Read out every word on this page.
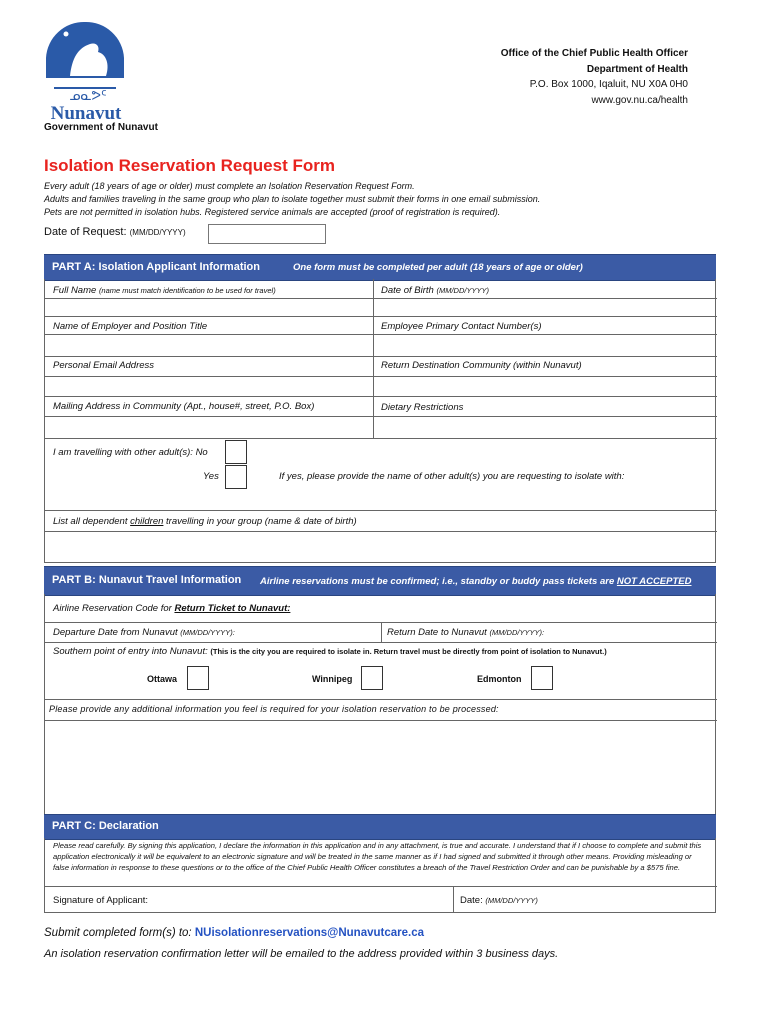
ᓄᓇᕗᑦ
Nunavut
Government of Nunavut
Office of the Chief Public Health Officer
Department of Health
P.O. Box 1000, Iqaluit, NU X0A 0H0
www.gov.nu.ca/health
Isolation Reservation Request Form
Every adult (18 years of age or older) must complete an Isolation Reservation Request Form.
Adults and families traveling in the same group who plan to isolate together must submit their forms in one email submission.
Pets are not permitted in isolation hubs. Registered service animals are accepted (proof of registration is required).
Date of Request: (MM/DD/YYYY)
PART A: Isolation Applicant Information	One form must be completed per adult (18 years of age or older)
Full Name (name must match identification to be used for travel)	Date of Birth (MM/DD/YYYY)
Name of Employer and Position Title	Employee Primary Contact Number(s)
Personal Email Address	Return Destination Community (within Nunavut)
Mailing Address in Community (Apt., house#, street, P.O. Box)	Dietary Restrictions
I am travelling with other adult(s): No
Yes	If yes, please provide the name of other adult(s) you are requesting to isolate with:
List all dependent children travelling in your group (name & date of birth)
PART B: Nunavut Travel Information Airline reservations must be confirmed; i.e., standby or buddy pass tickets are NOT ACCEPTED
Airline Reservation Code for Return Ticket to Nunavut:
Departure Date from Nunavut (MM/DD/YYYY):	Return Date to Nunavut (MM/DD/YYYY):
Southern point of entry into Nunavut: (This is the city you are required to isolate in. Return travel must be directly from point of isolation to Nunavut.)
Ottawa	Winnipeg	Edmonton
Please provide any additional information you feel is required for your isolation reservation to be processed:
PART C: Declaration
Signature of Applicant:	Date: (MM/DD/YYYY)
Please read carefully. By signing this application, I declare the information in this application and in any attachment, is true and accurate. I understand that if I choose to complete and submit this application electronically it will be equivalent to an electronic signature and will be treated in the same manner as if I had signed and submitted it through other means. Providing misleading or false information in response to these questions or to the office of the Chief Public Health Officer constitutes a breach of the Travel Restriction Order and can be punishable by a $575 fine.
Submit completed form(s) to: NUisolationreservations@Nunavutcare.ca
An isolation reservation confirmation letter will be emailed to the address provided within 3 business days.
